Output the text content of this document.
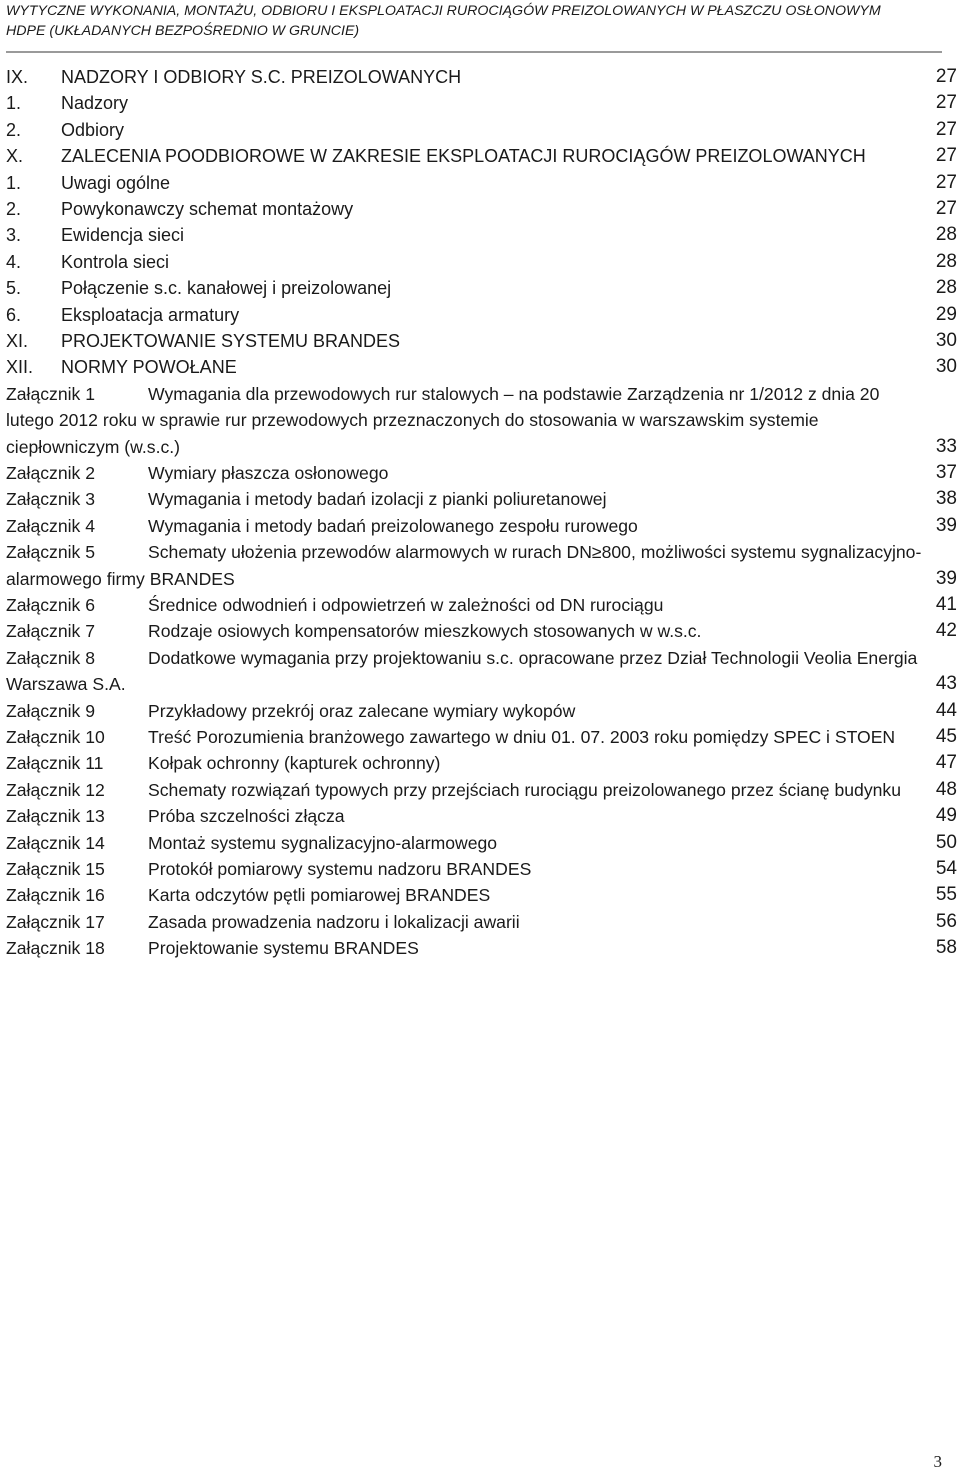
WYTYCZNE WYKONANIA, MONTAŻU, ODBIORU I EKSPLOATACJI RUROCIĄGÓW PREIZOLOWANYCH W PŁASZCZU OSŁONOWYM
HDPE (UKŁADANYCH BEZPOŚREDNIO W GRUNCIE)
IX. NADZORY I ODBIORY S.C. PREIZOLOWANYCH	27
1. Nadzory	27
2. Odbiory	27
X. ZALECENIA POODBIOROWE W ZAKRESIE EKSPLOATACJI RUROCIĄGÓW PREIZOLOWANYCH	27
1. Uwagi ogólne	27
2. Powykonawczy schemat montażowy	27
3. Ewidencja sieci	28
4. Kontrola sieci	28
5. Połączenie s.c. kanałowej i preizolowanej	28
6. Eksploatacja armatury	29
XI. PROJEKTOWANIE SYSTEMU BRANDES	30
XII. NORMY POWOŁANE	30
Załącznik 1	Wymagania dla przewodowych rur stalowych – na podstawie Zarządzenia nr 1/2012 z dnia 20 lutego 2012 roku w sprawie rur przewodowych przeznaczonych do stosowania w warszawskim systemie ciepłowniczym (w.s.c.)	33
Załącznik 2	Wymiary płaszcza osłonowego	37
Załącznik 3	Wymagania i metody badań izolacji z pianki poliuretanowej	38
Załącznik 4	Wymagania i metody badań preizolowanego zespołu rurowego	39
Załącznik 5	Schematy ułożenia przewodów alarmowych w rurach DN≥800, możliwości systemu sygnalizacyjno-alarmowego firmy BRANDES	39
Załącznik 6	Średnice odwodnień i odpowietrzeń w zależności od DN rurociągu	41
Załącznik 7	Rodzaje osiowych kompensatorów mieszkowych stosowanych w w.s.c.	42
Załącznik 8	Dodatkowe wymagania przy projektowaniu s.c. opracowane przez Dział Technologii Veolia Energia Warszawa S.A.	43
Załącznik 9	Przykładowy przekrój oraz zalecane wymiary wykopów	44
Załącznik 10	Treść Porozumienia branżowego zawartego w dniu 01. 07. 2003 roku pomiędzy SPEC i STOEN	45
Załącznik 11	Kołpak ochronny (kapturek ochronny)	47
Załącznik 12	Schematy rozwiązań typowych przy przejściach rurociągu preizolowanego przez ścianę budynku	48
Załącznik 13	Próba szczelności złącza	49
Załącznik 14	Montaż systemu sygnalizacyjno-alarmowego	50
Załącznik 15	Protokół pomiarowy systemu nadzoru BRANDES	54
Załącznik 16	Karta odczytów pętli pomiarowej BRANDES	55
Załącznik 17	Zasada prowadzenia nadzoru i lokalizacji awarii	56
Załącznik 18	Projektowanie systemu BRANDES	58
3
